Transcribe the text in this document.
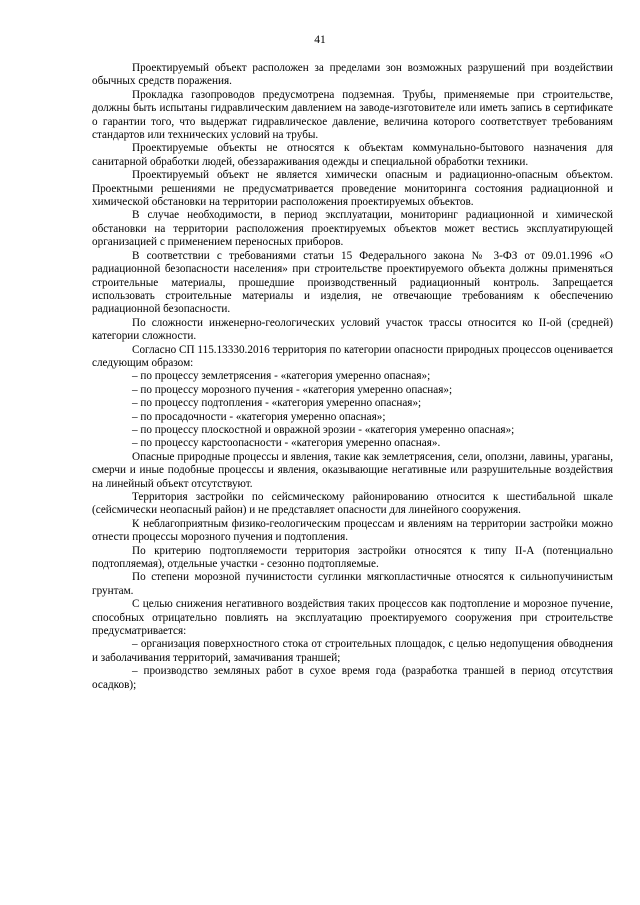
41

Проектируемый объект расположен за пределами зон возможных разрушений при воздействии обычных средств поражения.

Прокладка газопроводов предусмотрена подземная. Трубы, применяемые при строительстве, должны быть испытаны гидравлическим давлением на заводе-изготовителе или иметь запись в сертификате о гарантии того, что выдержат гидравлическое давление, величина которого соответствует требованиям стандартов или технических условий на трубы.

Проектируемые объекты не относятся к объектам коммунально-бытового назначения для санитарной обработки людей, обеззараживания одежды и специальной обработки техники.

Проектируемый объект не является химически опасным и радиационно-опасным объектом. Проектными решениями не предусматривается проведение мониторинга состояния радиационной и химической обстановки на территории расположения проектируемых объектов.

В случае необходимости, в период эксплуатации, мониторинг радиационной и химической обстановки на территории расположения проектируемых объектов может вестись эксплуатирующей организацией с применением переносных приборов.

В соответствии с требованиями статьи 15 Федерального закона № 3-ФЗ от 09.01.1996 «О радиационной безопасности населения» при строительстве проектируемого объекта должны применяться строительные материалы, прошедшие производственный радиационный контроль. Запрещается использовать строительные материалы и изделия, не отвечающие требованиям к обеспечению радиационной безопасности.

По сложности инженерно-геологических условий участок трассы относится ко II-ой (средней) категории сложности.

Согласно СП 115.13330.2016 территория по категории опасности природных процессов оценивается следующим образом:

– по процессу землетрясения - «категория умеренно опасная»;

– по процессу морозного пучения - «категория умеренно опасная»;

– по процессу подтопления - «категория умеренно опасная»;

– по просадочности - «категория умеренно опасная»;

– по процессу плоскостной и овражной эрозии - «категория умеренно опасная»;

– по процессу карстоопасности - «категория умеренно опасная».

Опасные природные процессы и явления, такие как землетрясения, сели, оползни, лавины, ураганы, смерчи и иные подобные процессы и явления, оказывающие негативные или разрушительные воздействия на линейный объект отсутствуют.

Территория застройки по сейсмическому районированию относится к шестибальной шкале (сейсмически неопасный район) и не представляет опасности для линейного сооружения.

К неблагоприятным физико-геологическим процессам и явлениям на территории застройки можно отнести процессы морозного пучения и подтопления.

По критерию подтопляемости территория застройки относятся к типу II-А (потенциально подтопляемая), отдельные участки - сезонно подтопляемые.

По степени морозной пучинистости суглинки мягкопластичные относятся к сильнопучинистым грунтам.

С целью снижения негативного воздействия таких процессов как подтопление и морозное пучение, способных отрицательно повлиять на эксплуатацию проектируемого сооружения при строительстве предусматривается:

– организация поверхностного стока от строительных площадок, с целью недопущения обводнения и заболачивания территорий, замачивания траншей;

– производство земляных работ в сухое время года (разработка траншей в период отсутствия осадков);
